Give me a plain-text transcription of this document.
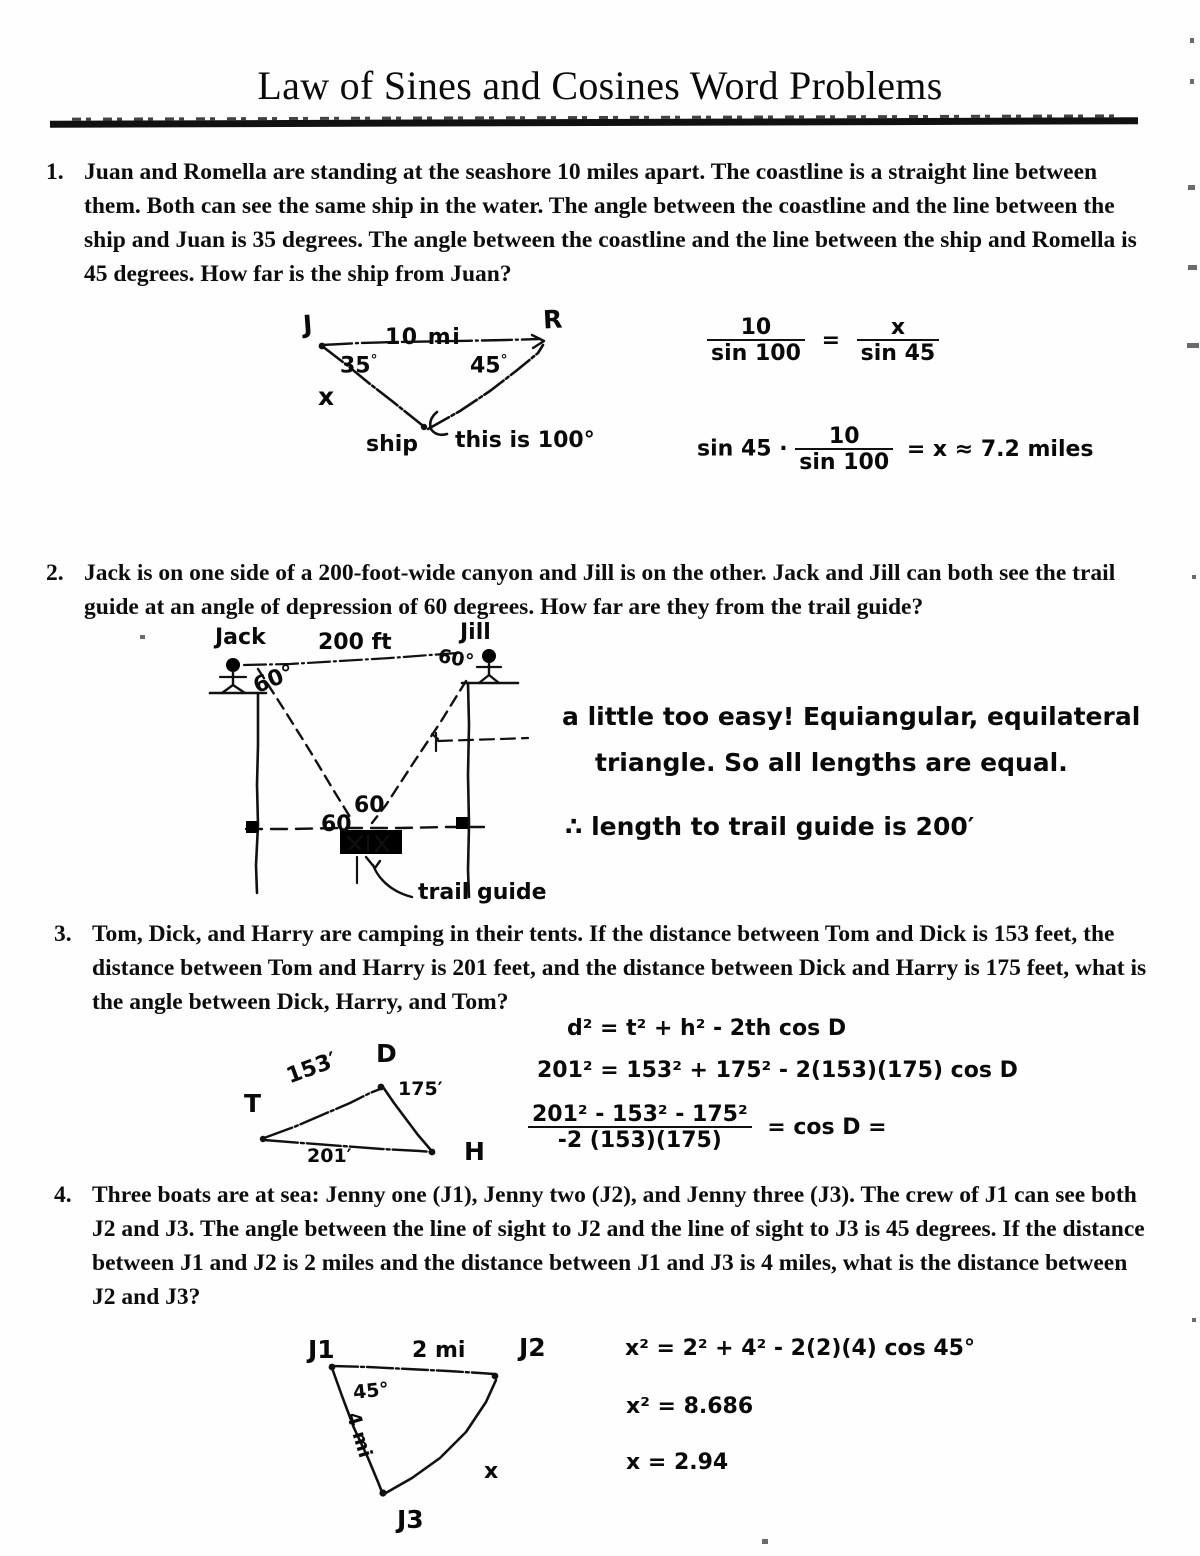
Law of Sines and Cosines Word Problems
1. Juan and Romella are standing at the seashore 10 miles apart. The coastline is a straight line between them. Both can see the same ship in the water. The angle between the coastline and the line between the ship and Juan is 35 degrees. The angle between the coastline and the line between the ship and Romella is 45 degrees. How far is the ship from Juan?

J	R
10 mi
35°	45°
x
ship this is 100°
$\frac{10}{\sin 100} = \frac{x}{\sin 45}$
$\sin 45 \cdot \frac{10}{\sin 100} = x \approx 7.2$ miles
2. Jack is on one side of a 200-foot-wide canyon and Jill is on the other. Jack and Jill can both see the trail guide at an angle of depression of 60 degrees. How far are they from the trail guide?

Jack	Jill
200 ft
60°
60°
60
60
trail guide
a little too easy! Equiangular, equilateral
triangle. So all lengths are equal.
∴ length to trail guide is 200′
3. Tom, Dick, and Harry are camping in their tents. If the distance between Tom and Dick is 153 feet, the distance between Tom and Harry is 201 feet, and the distance between Dick and Harry is 175 feet, what is the angle between Dick, Harry, and Tom?

T
D
H
153′	175′
201′
d² = t² + h² - 2th cos D
201² = 153² + 175² - 2(153)(175) cos D
$\frac{\text{201² - 153² - 175²}}{-2 (153)(175)} = \cos D$ =
4. Three boats are at sea: Jenny one (J1), Jenny two (J2), and Jenny three (J3). The crew of J1 can see both J2 and J3. The angle between the line of sight to J2 and the line of sight to J3 is 45 degrees. If the distance between J1 and J2 is 2 miles and the distance between J1 and J3 is 4 miles, what is the distance between J2 and J3?

J1	J2
J3
2 mi
45°
4 mi
x
x² = 2² + 4² - 2(2)(4) cos 45°
x² = 8.686
x = 2.94
